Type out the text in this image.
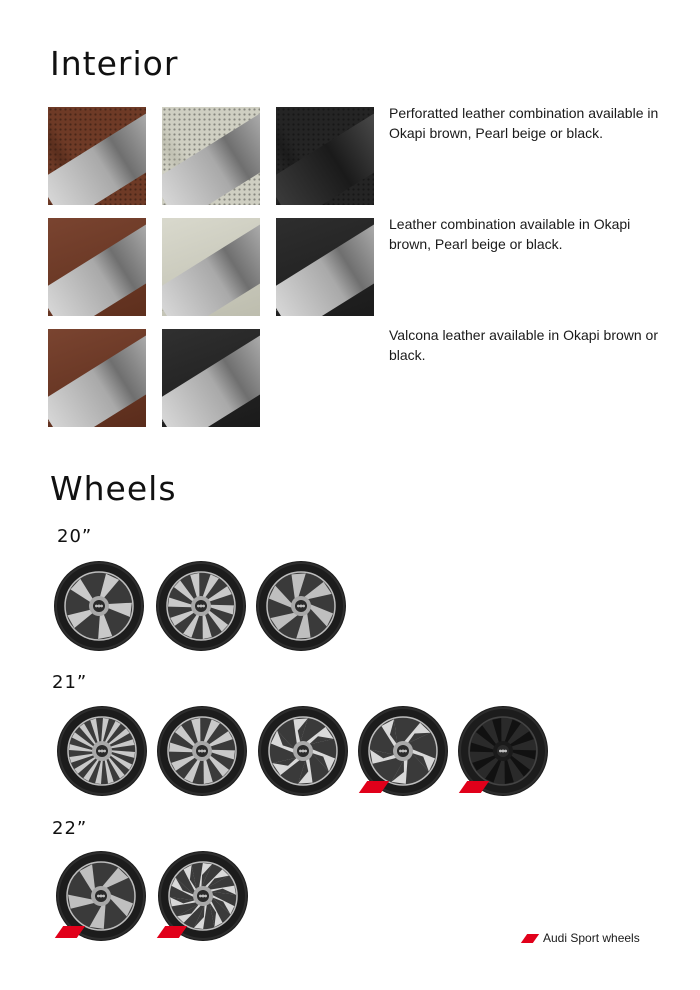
Interior

Perforatted leather combination available in Okapi brown, Pearl beige or black.

Leather combination available in Okapi brown, Pearl beige or black.

Valcona leather available in Okapi brown or black.

Wheels
20”
21”
22”
Audi Sport wheels
